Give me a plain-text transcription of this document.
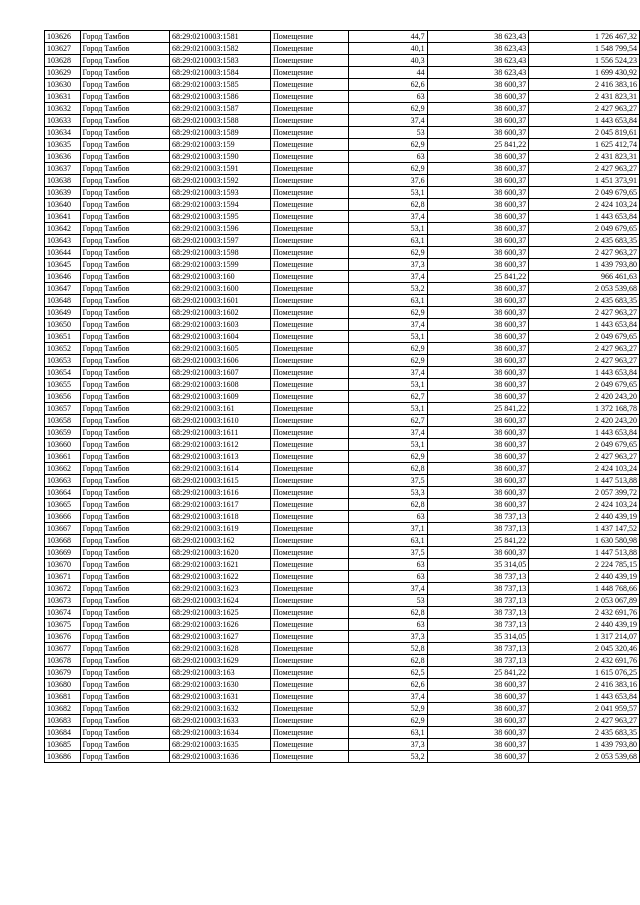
103626	Город Тамбов	68:29:0210003:1581	Помещение	44,7	38 623,43	1 726 467,32
103627	Город Тамбов	68:29:0210003:1582	Помещение	40,1	38 623,43	1 548 799,54
103628	Город Тамбов	68:29:0210003:1583	Помещение	40,3	38 623,43	1 556 524,23
103629	Город Тамбов	68:29:0210003:1584	Помещение	44	38 623,43	1 699 430,92
103630	Город Тамбов	68:29:0210003:1585	Помещение	62,6	38 600,37	2 416 383,16
103631	Город Тамбов	68:29:0210003:1586	Помещение	63	38 600,37	2 431 823,31
103632	Город Тамбов	68:29:0210003:1587	Помещение	62,9	38 600,37	2 427 963,27
103633	Город Тамбов	68:29:0210003:1588	Помещение	37,4	38 600,37	1 443 653,84
103634	Город Тамбов	68:29:0210003:1589	Помещение	53	38 600,37	2 045 819,61
103635	Город Тамбов	68:29:0210003:159	Помещение	62,9	25 841,22	1 625 412,74
103636	Город Тамбов	68:29:0210003:1590	Помещение	63	38 600,37	2 431 823,31
103637	Город Тамбов	68:29:0210003:1591	Помещение	62,9	38 600,37	2 427 963,27
103638	Город Тамбов	68:29:0210003:1592	Помещение	37,6	38 600,37	1 451 373,91
103639	Город Тамбов	68:29:0210003:1593	Помещение	53,1	38 600,37	2 049 679,65
103640	Город Тамбов	68:29:0210003:1594	Помещение	62,8	38 600,37	2 424 103,24
103641	Город Тамбов	68:29:0210003:1595	Помещение	37,4	38 600,37	1 443 653,84
103642	Город Тамбов	68:29:0210003:1596	Помещение	53,1	38 600,37	2 049 679,65
103643	Город Тамбов	68:29:0210003:1597	Помещение	63,1	38 600,37	2 435 683,35
103644	Город Тамбов	68:29:0210003:1598	Помещение	62,9	38 600,37	2 427 963,27
103645	Город Тамбов	68:29:0210003:1599	Помещение	37,3	38 600,37	1 439 793,80
103646	Город Тамбов	68:29:0210003:160	Помещение	37,4	25 841,22	966 461,63
103647	Город Тамбов	68:29:0210003:1600	Помещение	53,2	38 600,37	2 053 539,68
103648	Город Тамбов	68:29:0210003:1601	Помещение	63,1	38 600,37	2 435 683,35
103649	Город Тамбов	68:29:0210003:1602	Помещение	62,9	38 600,37	2 427 963,27
103650	Город Тамбов	68:29:0210003:1603	Помещение	37,4	38 600,37	1 443 653,84
103651	Город Тамбов	68:29:0210003:1604	Помещение	53,1	38 600,37	2 049 679,65
103652	Город Тамбов	68:29:0210003:1605	Помещение	62,9	38 600,37	2 427 963,27
103653	Город Тамбов	68:29:0210003:1606	Помещение	62,9	38 600,37	2 427 963,27
103654	Город Тамбов	68:29:0210003:1607	Помещение	37,4	38 600,37	1 443 653,84
103655	Город Тамбов	68:29:0210003:1608	Помещение	53,1	38 600,37	2 049 679,65
103656	Город Тамбов	68:29:0210003:1609	Помещение	62,7	38 600,37	2 420 243,20
103657	Город Тамбов	68:29:0210003:161	Помещение	53,1	25 841,22	1 372 168,78
103658	Город Тамбов	68:29:0210003:1610	Помещение	62,7	38 600,37	2 420 243,20
103659	Город Тамбов	68:29:0210003:1611	Помещение	37,4	38 600,37	1 443 653,84
103660	Город Тамбов	68:29:0210003:1612	Помещение	53,1	38 600,37	2 049 679,65
103661	Город Тамбов	68:29:0210003:1613	Помещение	62,9	38 600,37	2 427 963,27
103662	Город Тамбов	68:29:0210003:1614	Помещение	62,8	38 600,37	2 424 103,24
103663	Город Тамбов	68:29:0210003:1615	Помещение	37,5	38 600,37	1 447 513,88
103664	Город Тамбов	68:29:0210003:1616	Помещение	53,3	38 600,37	2 057 399,72
103665	Город Тамбов	68:29:0210003:1617	Помещение	62,8	38 600,37	2 424 103,24
103666	Город Тамбов	68:29:0210003:1618	Помещение	63	38 737,13	2 440 439,19
103667	Город Тамбов	68:29:0210003:1619	Помещение	37,1	38 737,13	1 437 147,52
103668	Город Тамбов	68:29:0210003:162	Помещение	63,1	25 841,22	1 630 580,98
103669	Город Тамбов	68:29:0210003:1620	Помещение	37,5	38 600,37	1 447 513,88
103670	Город Тамбов	68:29:0210003:1621	Помещение	63	35 314,05	2 224 785,15
103671	Город Тамбов	68:29:0210003:1622	Помещение	63	38 737,13	2 440 439,19
103672	Город Тамбов	68:29:0210003:1623	Помещение	37,4	38 737,13	1 448 768,66
103673	Город Тамбов	68:29:0210003:1624	Помещение	53	38 737,13	2 053 067,89
103674	Город Тамбов	68:29:0210003:1625	Помещение	62,8	38 737,13	2 432 691,76
103675	Город Тамбов	68:29:0210003:1626	Помещение	63	38 737,13	2 440 439,19
103676	Город Тамбов	68:29:0210003:1627	Помещение	37,3	35 314,05	1 317 214,07
103677	Город Тамбов	68:29:0210003:1628	Помещение	52,8	38 737,13	2 045 320,46
103678	Город Тамбов	68:29:0210003:1629	Помещение	62,8	38 737,13	2 432 691,76
103679	Город Тамбов	68:29:0210003:163	Помещение	62,5	25 841,22	1 615 076,25
103680	Город Тамбов	68:29:0210003:1630	Помещение	62,6	38 600,37	2 416 383,16
103681	Город Тамбов	68:29:0210003:1631	Помещение	37,4	38 600,37	1 443 653,84
103682	Город Тамбов	68:29:0210003:1632	Помещение	52,9	38 600,37	2 041 959,57
103683	Город Тамбов	68:29:0210003:1633	Помещение	62,9	38 600,37	2 427 963,27
103684	Город Тамбов	68:29:0210003:1634	Помещение	63,1	38 600,37	2 435 683,35
103685	Город Тамбов	68:29:0210003:1635	Помещение	37,3	38 600,37	1 439 793,80
103686	Город Тамбов	68:29:0210003:1636	Помещение	53,2	38 600,37	2 053 539,68
